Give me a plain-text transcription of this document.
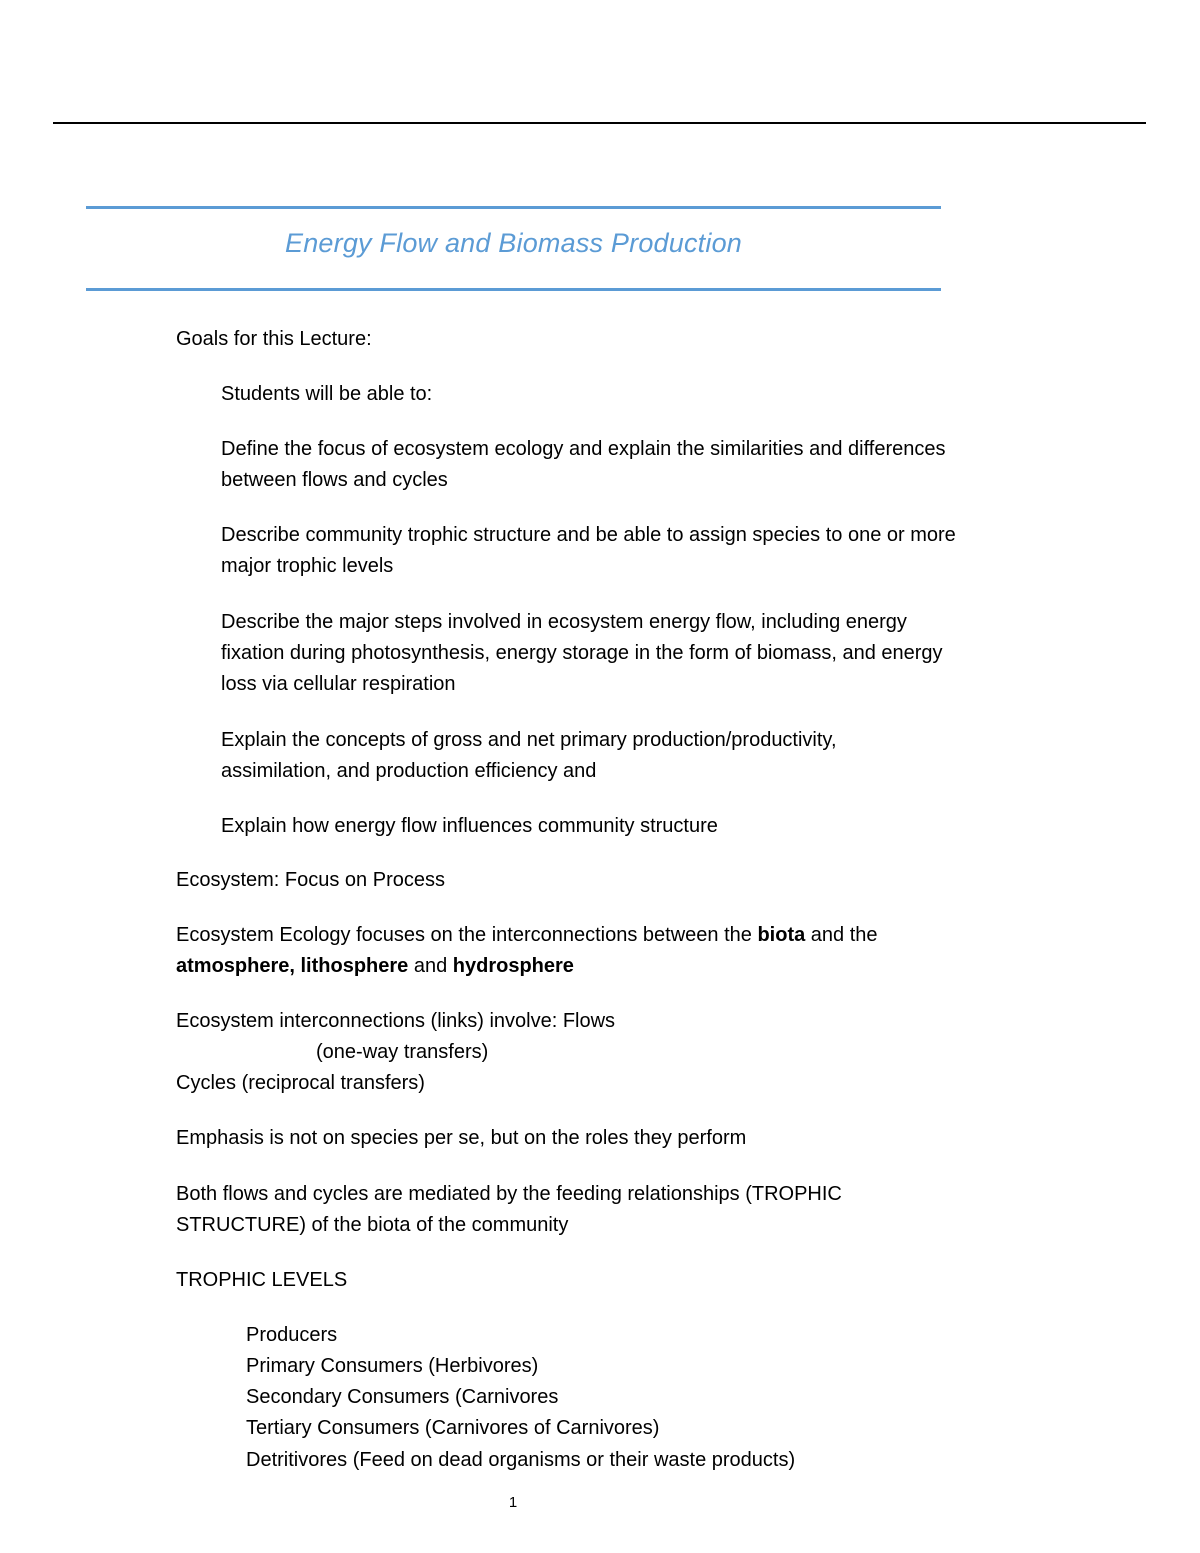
Energy Flow and Biomass Production

Goals for this Lecture:

Students will be able to:

Define the focus of ecosystem ecology and explain the similarities and differences

between flows and cycles

Describe community trophic structure and be able to assign species to one or more

major trophic levels

Describe the major steps involved in ecosystem energy flow, including energy

fixation during photosynthesis, energy storage in the form of biomass, and energy

loss via cellular respiration

Explain the concepts of gross and net primary production/productivity,

assimilation, and production efficiency and

Explain how energy flow influences community structure

Ecosystem: Focus on Process

Ecosystem Ecology focuses on the interconnections between the biota and the

atmosphere, lithosphere and hydrosphere

Ecosystem interconnections (links) involve: Flows

(one-way transfers)

Cycles (reciprocal transfers)

Emphasis is not on species per se, but on the roles they perform

Both flows and cycles are mediated by the feeding relationships (TROPHIC

STRUCTURE) of the biota of the community

TROPHIC LEVELS

Producers

Primary Consumers (Herbivores)

Secondary Consumers (Carnivores

Tertiary Consumers (Carnivores of Carnivores)

Detritivores (Feed on dead organisms or their waste products)

1
